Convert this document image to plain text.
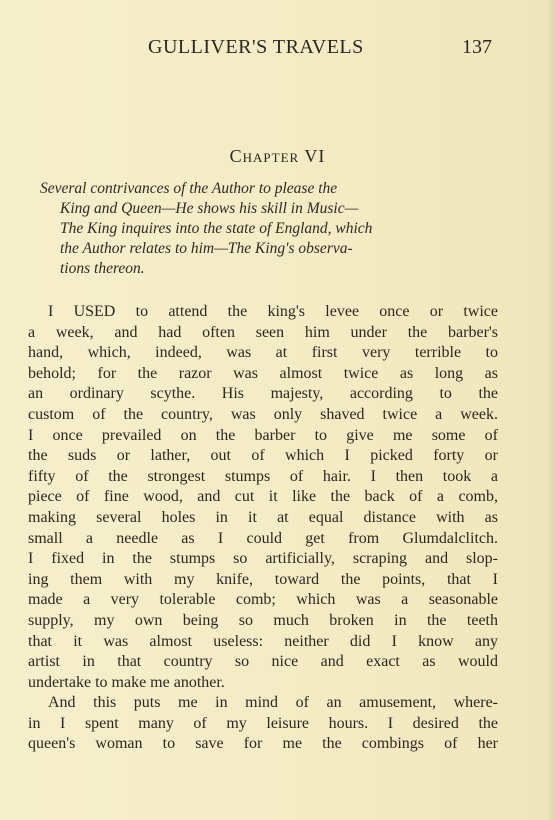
GULLIVER'S TRAVELS	137
Chapter VI
Several contrivances of the Author to please the
King and Queen—He shows his skill in Music—
The King inquires into the state of England, which
the Author relates to him—The King's observa-
tions thereon.
I USED to attend the king's levee once or twice
a week, and had often seen him under the barber's
hand, which, indeed, was at first very terrible to
behold; for the razor was almost twice as long as
an ordinary scythe. His majesty, according to the
custom of the country, was only shaved twice a week.
I once prevailed on the barber to give me some of
the suds or lather, out of which I picked forty or
fifty of the strongest stumps of hair. I then took a
piece of fine wood, and cut it like the back of a comb,
making several holes in it at equal distance with as
small a needle as I could get from Glumdalclitch.
I fixed in the stumps so artificially, scraping and slop-
ing them with my knife, toward the points, that I
made a very tolerable comb; which was a seasonable
supply, my own being so much broken in the teeth
that it was almost useless: neither did I know any
artist in that country so nice and exact as would
undertake to make me another.
And this puts me in mind of an amusement, where-
in I spent many of my leisure hours. I desired the
queen's woman to save for me the combings of her
